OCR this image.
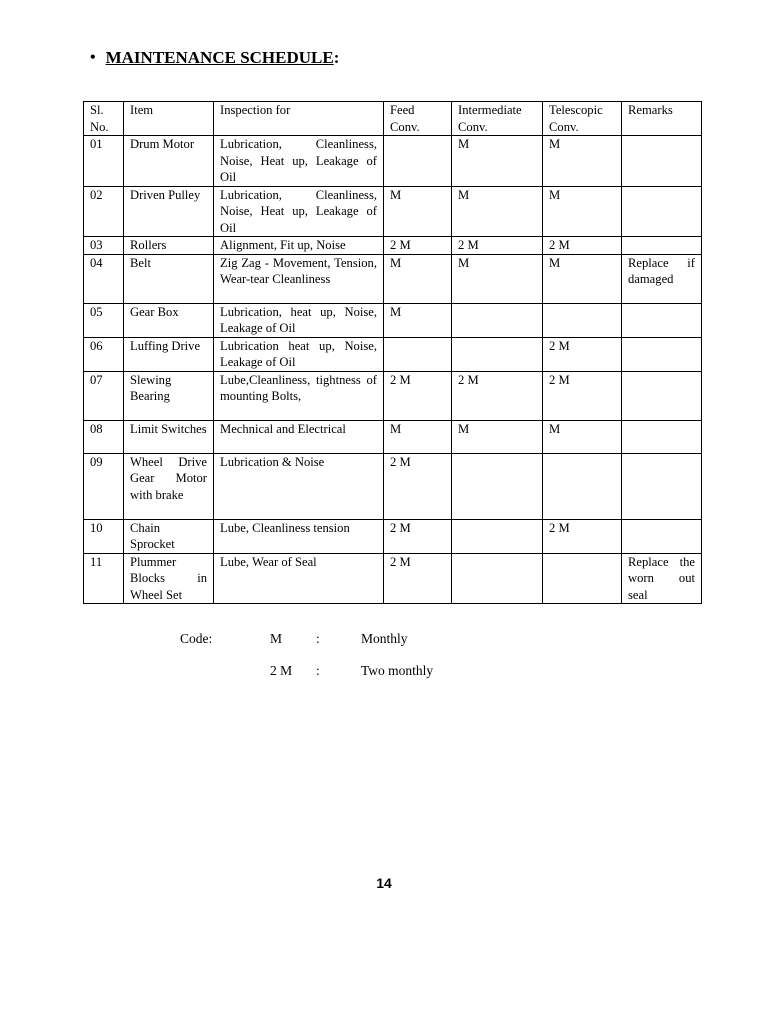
• MAINTENANCE SCHEDULE :
Sl. No.	Item	Inspection for	Feed Conv.	Intermediate Conv.	Telescopic Conv.	Remarks
01	Drum Motor	Lubrication, Cleanliness, Noise, Heat up, Leakage of Oil		M	M	
02	Driven Pulley	Lubrication, Cleanliness, Noise, Heat up, Leakage of Oil	M	M	M	
03	Rollers	Alignment, Fit up, Noise	2 M	2 M	2 M	
04	Belt	Zig Zag - Movement, Tension, Wear-tear Cleanliness	M	M	M	Replace if damaged
05	Gear Box	Lubrication, heat up, Noise, Leakage of Oil	M			
06	Luffing Drive	Lubrication heat up, Noise, Leakage of Oil			2 M	
07	Slewing Bearing	Lube,Cleanliness, tightness of mounting Bolts,	2 M	2 M	2 M	
08	Limit Switches	Mechnical and Electrical	M	M	M	
09	Wheel Drive Gear Motor with brake	Lubrication & Noise	2 M			
10	Chain Sprocket	Lube, Cleanliness tension	2 M		2 M	
11	Plummer Blocks in Wheel Set	Lube, Wear of Seal	2 M			Replace the worn out seal
Code:	M	:	Monthly
2 M :	Two monthly
14
